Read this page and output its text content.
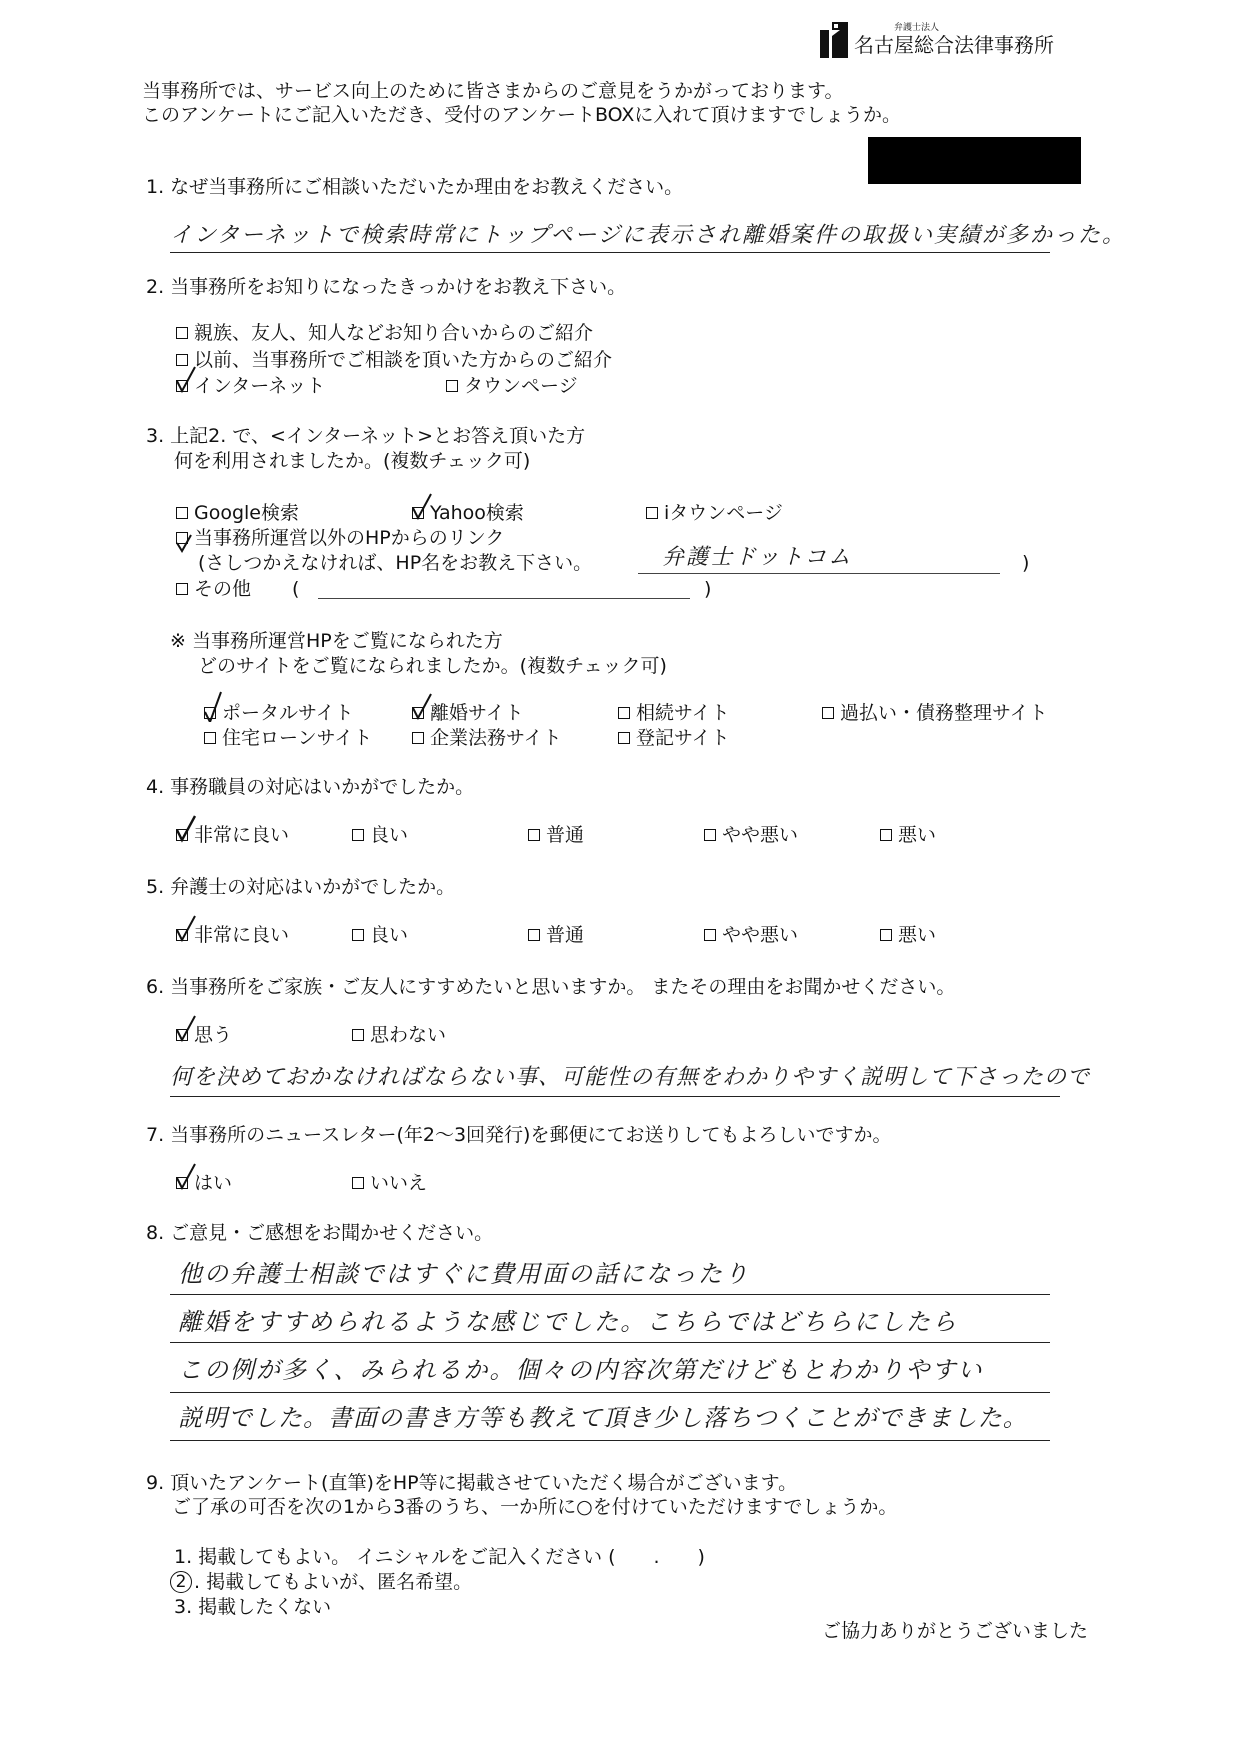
弁護士法人
名古屋総合法律事務所
当事務所では、サービス向上のために皆さまからのご意見をうかがっております。
このアンケートにご記入いただき、受付のアンケートBOXに入れて頂けますでしょうか。
1. なぜ当事務所にご相談いただいたか理由をお教えください。
インターネットで検索時常にトップページに表示され離婚案件の取扱い実績が多かった。
2. 当事務所をお知りになったきっかけをお教え下さい。
親族、友人、知人などお知り合いからのご紹介
以前、当事務所でご相談を頂いた方からのご紹介
インターネット	タウンページ
3. 上記2. で、<インターネット>とお答え頂いた方
何を利用されましたか。(複数チェック可)
Google検索	Yahoo検索	iタウンページ
当事務所運営以外のHPからのリンク
(さしつかえなければ、HP名をお教え下さい。	弁護士ドットコム	)
その他 (	)
※ 当事務所運営HPをご覧になられた方
どのサイトをご覧になられましたか。(複数チェック可)
ポータルサイト	離婚サイト	相続サイト	過払い・債務整理サイト
住宅ローンサイト	企業法務サイト	登記サイト
4. 事務職員の対応はいかがでしたか。
非常に良い	良い	普通	やや悪い	悪い
5. 弁護士の対応はいかがでしたか。
非常に良い	良い	普通	やや悪い	悪い
6. 当事務所をご家族・ご友人にすすめたいと思いますか。 またその理由をお聞かせください。
思う	思わない
何を決めておかなければならない事、可能性の有無をわかりやすく説明して下さったので
7. 当事務所のニュースレター(年2～3回発行)を郵便にてお送りしてもよろしいですか。
はい	いいえ
8. ご意見・ご感想をお聞かせください。
他の弁護士相談ではすぐに費用面の話になったり
離婚をすすめられるような感じでした。こちらではどちらにしたら
この例が多く、みられるか。個々の内容次第だけどもとわかりやすい
説明でした。書面の書き方等も教えて頂き少し落ちつくことができました。
9. 頂いたアンケート(直筆)をHP等に掲載させていただく場合がございます。
ご了承の可否を次の1から3番のうち、一か所に○を付けていただけますでしょうか。
1. 掲載してもよい。 イニシャルをご記入ください (　　.　　)
2 . 掲載してもよいが、匿名希望。
3. 掲載したくない
ご協力ありがとうございました
